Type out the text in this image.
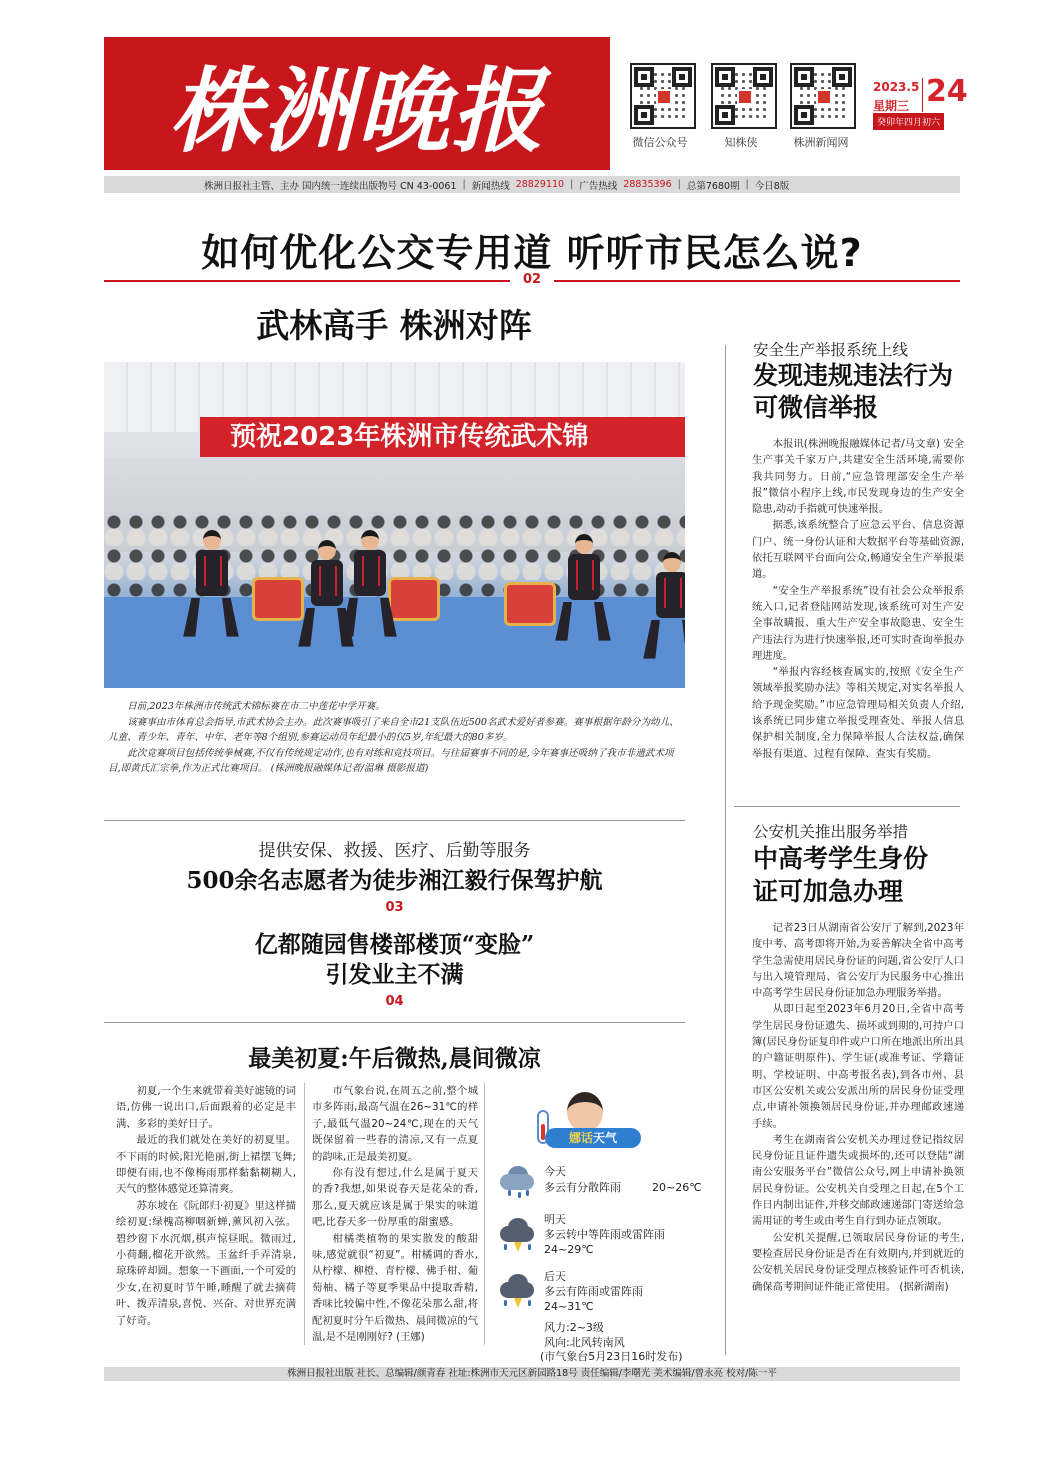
株洲晚报	微信公众号	知株侠	株洲新闻网
2023.5
星期三 24
癸卯年四月初六
株洲日报社主管、主办 国内统一连续出版物号 CN 43-0061 | 新闻热线 28829110 | 广告热线 28835396 | 总第7680期 | 今日8版
如何优化公交专用道 听听市民怎么说?
02
武林高手 株洲对阵
预祝2023年株洲市传统武术锦

日前,2023年株洲市传统武术锦标赛在市二中莲花中学开赛。

该赛事由市体育总会指导,市武术协会主办。此次赛事吸引了来自全市21支队伍近500名武术爱好者参赛。赛事根据年龄分为幼儿、儿童、青少年、青年、中年、老年等8个组别,参赛运动员年纪最小的仅5岁,年纪最大的80多岁。

此次竞赛项目包括传统拳械赛,不仅有传统规定动作,也有对练和竞技项目。与往届赛事不同的是,今年赛事还吸纳了我市非遗武术项目,即黄氏汇宗拳,作为正式比赛项目。 (株洲晚报融媒体记者/温琳 摄影报道)

提供安保、救援、医疗、后勤等服务
500余名志愿者为徒步湘江毅行保驾护航
03
亿都随园售楼部楼顶“变脸”
引发业主不满
04
最美初夏:午后微热,晨间微凉

初夏,一个生来就带着美好滤镜的词语,仿佛一说出口,后面跟着的必定是丰满、多彩的美好日子。

最近的我们就处在美好的初夏里。不下雨的时候,阳光艳丽,街上裙摆飞舞;即便有雨,也不像梅雨那样黏黏糊糊人,天气的整体感觉还算清爽。

苏东坡在《阮郎归·初夏》里这样描绘初夏:绿槐高柳咽新蝉,薰风初入弦。碧纱窗下水沉烟,棋声惊昼眠。微雨过,小荷翻,榴花开欲然。玉盆纤手弄清泉,琼珠碎却圆。想象一下画面,一个可爱的少女,在初夏时节午睡,睡醒了就去摘荷叶、拨弄清泉,喜悦、兴奋、对世界充满了好奇。

市气象台说,在周五之前,整个城市多阵雨,最高气温在26~31℃的样子,最低气温20~24℃,现在的天气既保留着一些春的清凉,又有一点夏的韵味,正是最美初夏。

你有没有想过,什么是属于夏天的香?我想,如果说春天是花朵的香,那么,夏天就应该是属于果实的味道吧,比春天多一份厚重的甜蜜感。

柑橘类植物的果实散发的酸甜味,感觉就很“初夏”。柑橘调的香水,从柠檬、柳橙、青柠檬、佛手柑、葡萄柚、橘子等夏季果品中提取香精,香味比较偏中性,不像花朵那么甜,将配初夏时分午后微热、晨间微凉的气温,是不是刚刚好? (王娜)

娜话天气
今天
多云有分散阵雨	20~26℃
明天
多云转中等阵雨或雷阵雨
24~29℃
后天
多云有阵雨或雷阵雨
24~31℃
风力:2~3级
风向:北风转南风
(市气象台5月23日16时发布)
安全生产举报系统上线
发现违规违法行为
可微信举报

本报讯(株洲晚报融媒体记者/马文章) 安全生产事关千家万户,共建安全生活环境,需要你我共同努力。日前,“应急管理部安全生产举报”微信小程序上线,市民发现身边的生产安全隐患,动动手指就可快速举报。

据悉,该系统整合了应急云平台、信息资源门户、统一身份认证和大数据平台等基础资源,依托互联网平台面向公众,畅通安全生产举报渠道。

“安全生产举报系统”设有社会公众举报系统入口,记者登陆网站发现,该系统可对生产安全事故瞒报、重大生产安全事故隐患、安全生产违法行为进行快速举报,还可实时查询举报办理进度。

“举报内容经核查属实的,按照《安全生产领域举报奖励办法》等相关规定,对实名举报人给予现金奖励。”市应急管理局相关负责人介绍,该系统已同步建立举报受理查处、举报人信息保护相关制度,全力保障举报人合法权益,确保举报有渠道、过程有保障、查实有奖励。

公安机关推出服务举措
中高考学生身份
证可加急办理

记者23日从湖南省公安厅了解到,2023年度中考、高考即将开始,为妥善解决全省中高考学生急需使用居民身份证的问题,省公安厅人口与出入境管理局、省公安厅为民服务中心推出中高考学生居民身份证加急办理服务举措。

从即日起至2023年6月20日,全省中高考学生居民身份证遗失、损坏或到期的,可持户口簿(居民身份证复印件或户口所在地派出所出具的户籍证明原件)、学生证(或准考证、学籍证明、学校证明、中高考报名表),到各市州、县市区公安机关或公安派出所的居民身份证受理点,申请补领换领居民身份证,并办理邮政速递手续。

考生在湖南省公安机关办理过登记指纹居民身份证且证件遗失或损坏的,还可以登陆“湖南公安服务平台”微信公众号,网上申请补换领居民身份证。公安机关自受理之日起,在5个工作日内制出证件,并移交邮政速递部门寄送给急需用证的考生或由考生自行到办证点领取。

公安机关提醒,已领取居民身份证的考生,要检查居民身份证是否在有效期内,并到就近的公安机关居民身份证受理点核验证件可否机读,确保高考期间证件能正常使用。 (据新湖南)

株洲日报社出版 社长、总编辑/颜青春 社址:株洲市天元区新园路18号 责任编辑/李曙光 美术编辑/曾永亮 校对/陈一平
